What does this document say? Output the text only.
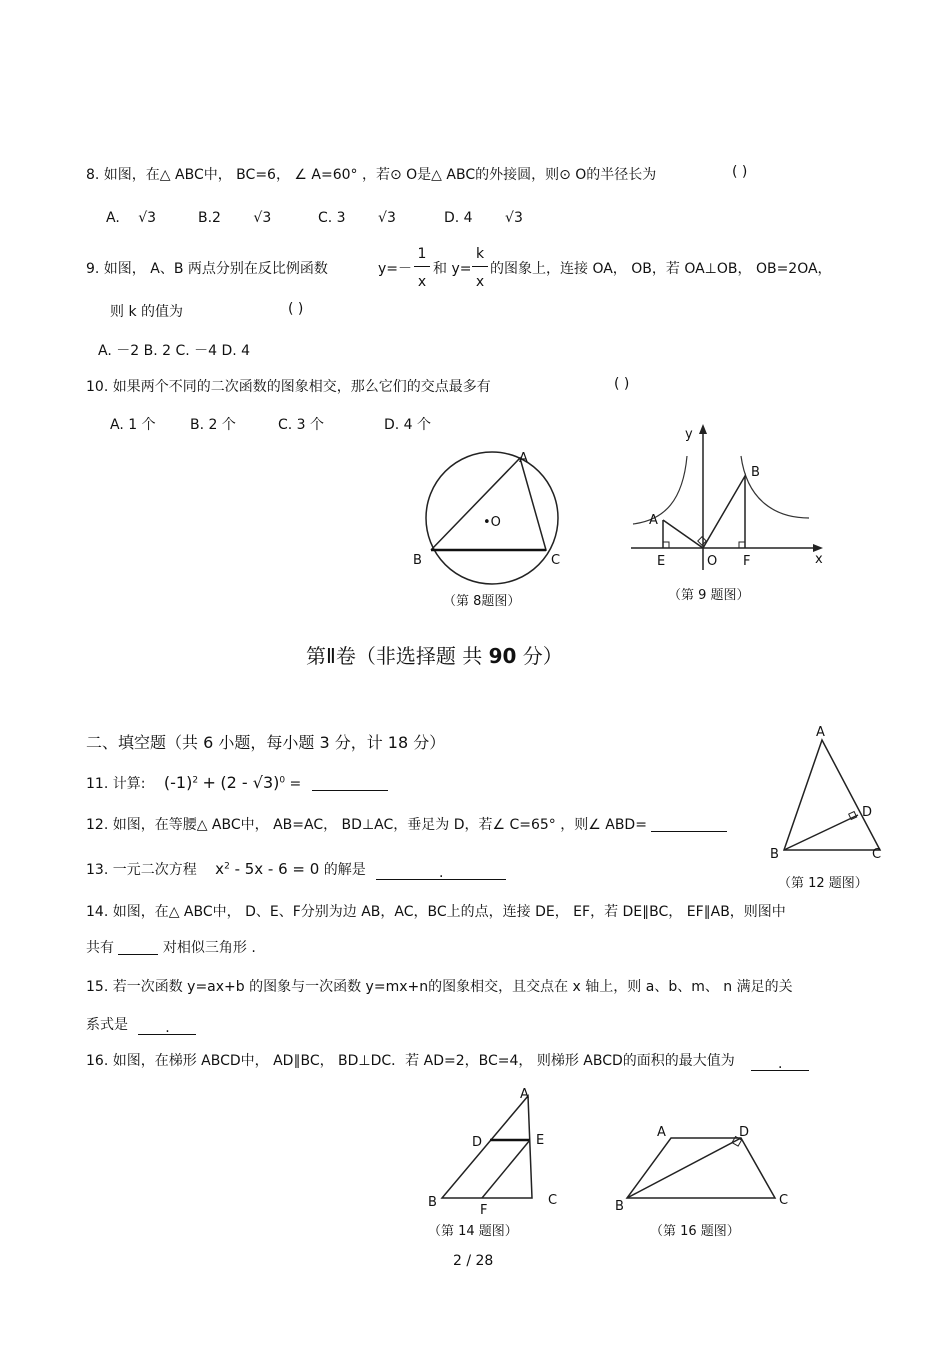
8. 如图，在△ ABC中， BC=6， ∠ A=60° ，若⊙ O是△ ABC的外接圆，则⊙ O的半径长为	( )
A. √3	B.2 √3	C. 3 √3	D. 4 √3
9. 如图， A、B 两点分别在反比例函数	y=－
1
x
和 y=
k
x
的图象上，连接 OA， OB，若 OA⊥OB， OB=2OA，
则 k 的值为	( )
A. －2 B. 2 C. －4 D. 4
10. 如果两个不同的二次函数的图象相交，那么它们的交点最多有	( )
A. 1 个 B. 2 个	C. 3 个	D. 4 个
A
B	C
•O
（第 8题图）
y
x
A
B
E	O F
（第 9 题图）
第Ⅱ卷（非选择题 共 90 分）
二、填空题（共 6 小题，每小题 3 分，计 18 分）
11. 计算: $(-1)^2 + (2 - √3)^0$ =
12. 如图，在等腰△ ABC中， AB=AC， BD⊥AC，垂足为 D，若∠ C=65° ，则∠ ABD=
A
B	C
D
（第 12 题图）
13. 一元二次方程 $x^2 - 5x - 6 = 0$ 的解是	.
14. 如图，在△ ABC中， D、E、F分别为边 AB，AC，BC上的点，连接 DE， EF，若 DE∥BC， EF∥AB，则图中
共有	对相似三角形 .
15. 若一次函数 y=ax+b 的图象与一次函数 y=mx+n的图象相交，且交点在 x 轴上，则 a、b、m、 n 满足的关
系式是	.
16. 如图，在梯形 ABCD中， AD∥BC， BD⊥DC．若 AD=2，BC=4， 则梯形 ABCD的面积的最大值为	.
A
B	C
D	E
F
（第 14 题图）
A	D
B	C
（第 16 题图）
2 / 28
